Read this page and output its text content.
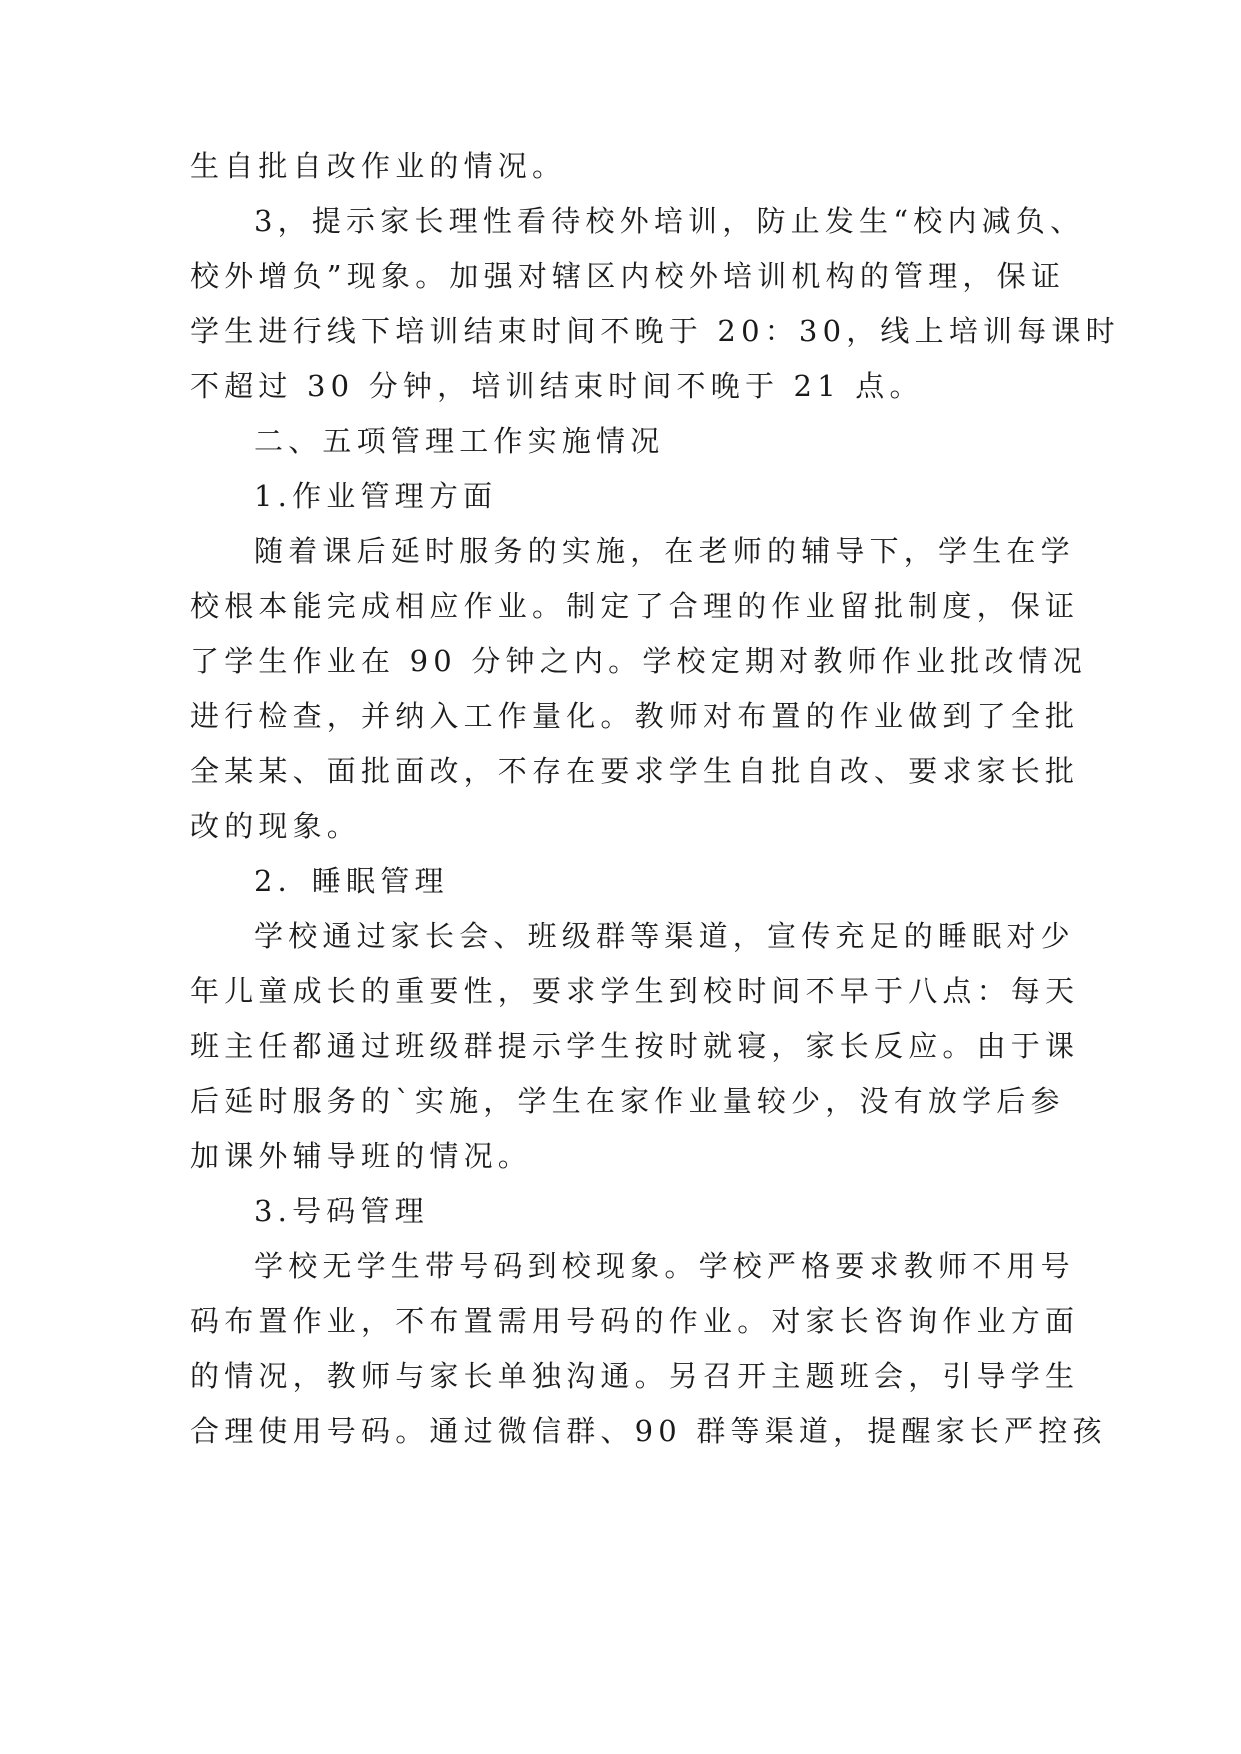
生自批自改作业的情况。

3，提示家长理性看待校外培训，防止发生“校内减负、

校外增负”现象。加强对辖区内校外培训机构的管理，保证

学生进行线下培训结束时间不晚于 20：30，线上培训每课时

不超过 30 分钟，培训结束时间不晚于 21 点。

二、五项管理工作实施情况

1.作业管理方面

随着课后延时服务的实施，在老师的辅导下，学生在学

校根本能完成相应作业。制定了合理的作业留批制度，保证

了学生作业在 90 分钟之内。学校定期对教师作业批改情况

进行检查，并纳入工作量化。教师对布置的作业做到了全批

全某某、面批面改，不存在要求学生自批自改、要求家长批

改的现象。

2．睡眠管理

学校通过家长会、班级群等渠道，宣传充足的睡眠对少

年儿童成长的重要性，要求学生到校时间不早于八点：每天

班主任都通过班级群提示学生按时就寝，家长反应。由于课

后延时服务的`实施，学生在家作业量较少，没有放学后参

加课外辅导班的情况。

3.号码管理

学校无学生带号码到校现象。学校严格要求教师不用号

码布置作业，不布置需用号码的作业。对家长咨询作业方面

的情况，教师与家长单独沟通。另召开主题班会，引导学生

合理使用号码。通过微信群、90 群等渠道，提醒家长严控孩
